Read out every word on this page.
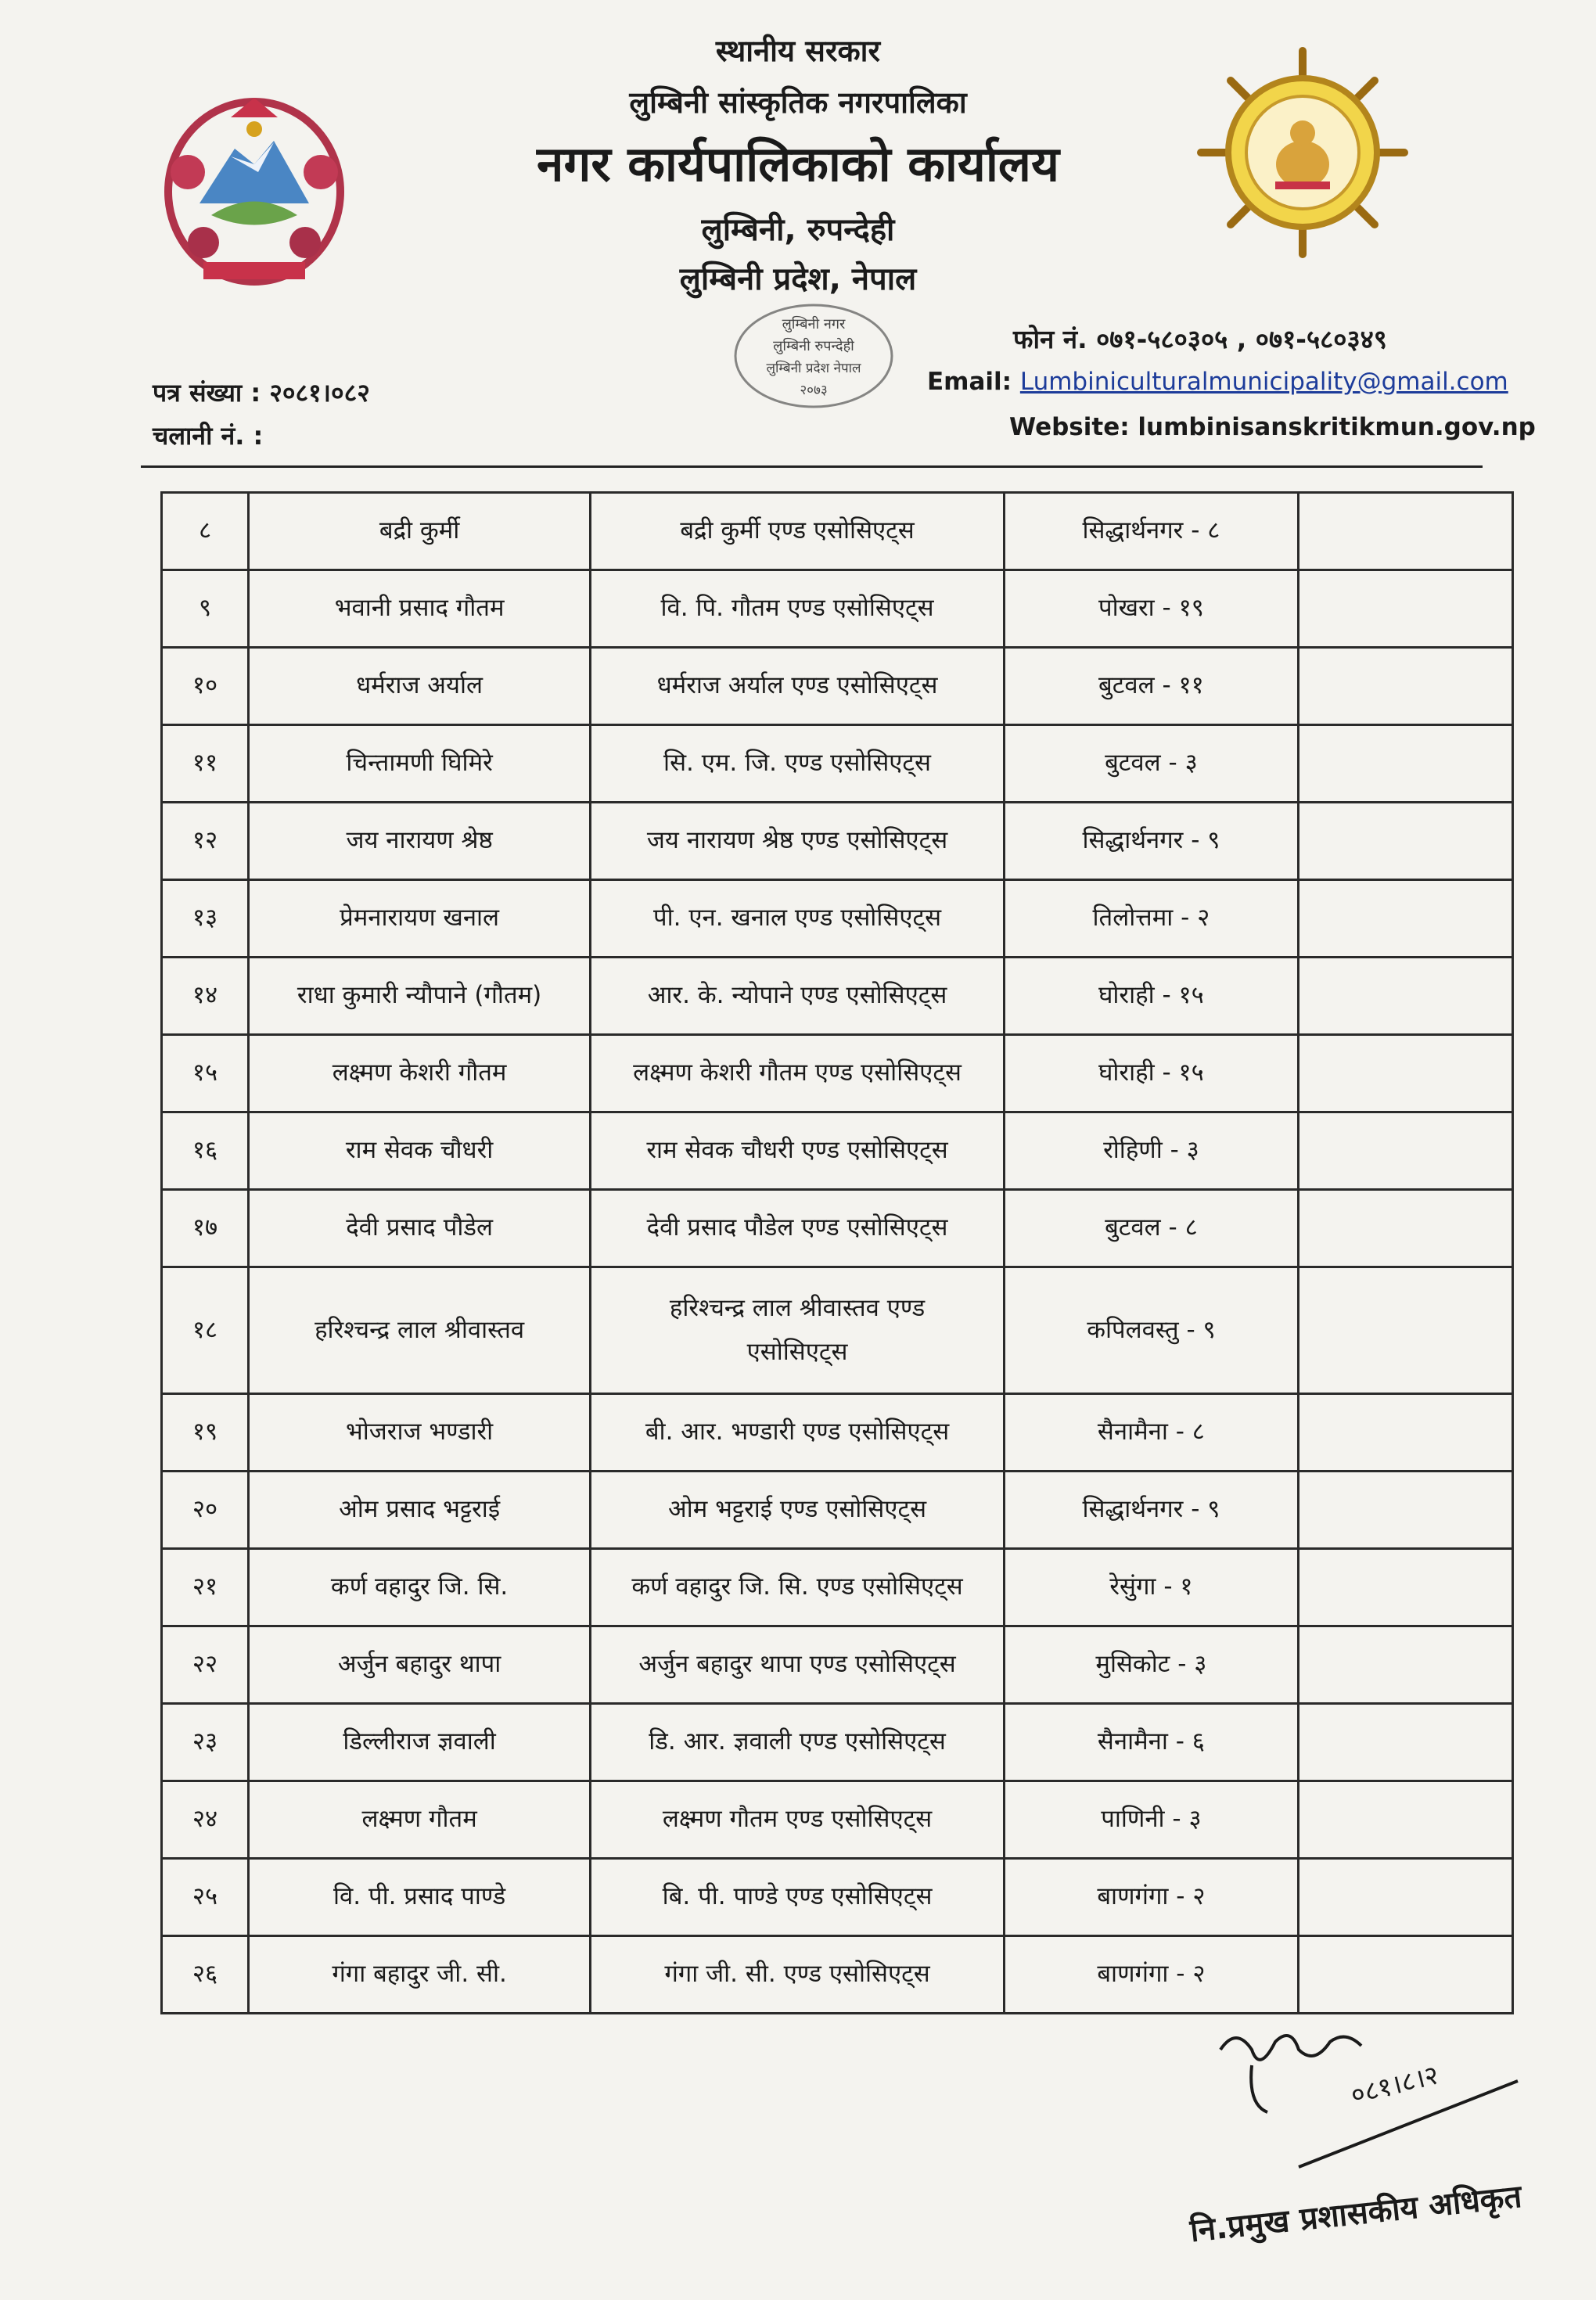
स्थानीय सरकार
लुम्बिनी सांस्कृतिक नगरपालिका
नगर कार्यपालिकाको कार्यालय
लुम्बिनी, रुपन्देही
लुम्बिनी प्रदेश, नेपाल
लुम्बिनी नगर
लुम्बिनी रुपन्देही
लुम्बिनी प्रदेश नेपाल
२०७३
पत्र संख्या : २०८१।०८२
चलानी नं. :
फोन नं. ०७१-५८०३०५ , ०७१-५८०३४९
Email: Lumbiniculturalmunicipality@gmail.com
Website: lumbinisanskritikmun.gov.np
८	बद्री कुर्मी	बद्री कुर्मी एण्ड एसोसिएट्स	सिद्धार्थनगर - ८	
९	भवानी प्रसाद गौतम	वि. पि. गौतम एण्ड एसोसिएट्स	पोखरा - १९	
१०	धर्मराज अर्याल	धर्मराज अर्याल एण्ड एसोसिएट्स	बुटवल - ११	
११	चिन्तामणी घिमिरे	सि. एम. जि. एण्ड एसोसिएट्स	बुटवल - ३	
१२	जय नारायण श्रेष्ठ	जय नारायण श्रेष्ठ एण्ड एसोसिएट्स	सिद्धार्थनगर - ९	
१३	प्रेमनारायण खनाल	पी. एन. खनाल एण्ड एसोसिएट्स	तिलोत्तमा - २	
१४	राधा कुमारी न्यौपाने (गौतम)	आर. के. न्योपाने एण्ड एसोसिएट्स	घोराही - १५	
१५	लक्ष्मण केशरी गौतम	लक्ष्मण केशरी गौतम एण्ड एसोसिएट्स	घोराही - १५	
१६	राम सेवक चौधरी	राम सेवक चौधरी एण्ड एसोसिएट्स	रोहिणी - ३	
१७	देवी प्रसाद पौडेल	देवी प्रसाद पौडेल एण्ड एसोसिएट्स	बुटवल - ८	
१८	हरिश्चन्द्र लाल श्रीवास्तव	हरिश्चन्द्र लाल श्रीवास्तव एण्ड
एसोसिएट्स	कपिलवस्तु - ९	
१९	भोजराज भण्डारी	बी. आर. भण्डारी एण्ड एसोसिएट्स	सैनामैना - ८	
२०	ओम प्रसाद भट्टराई	ओम भट्टराई एण्ड एसोसिएट्स	सिद्धार्थनगर - ९	
२१	कर्ण वहादुर जि. सि.	कर्ण वहादुर जि. सि. एण्ड एसोसिएट्स	रेसुंगा - १	
२२	अर्जुन बहादुर थापा	अर्जुन बहादुर थापा एण्ड एसोसिएट्स	मुसिकोट - ३	
२३	डिल्लीराज ज्ञवाली	डि. आर. ज्ञवाली एण्ड एसोसिएट्स	सैनामैना - ६	
२४	लक्ष्मण गौतम	लक्ष्मण गौतम एण्ड एसोसिएट्स	पाणिनी - ३	
२५	वि. पी. प्रसाद पाण्डे	बि. पी. पाण्डे एण्ड एसोसिएट्स	बाणगंगा - २	
२६	गंगा बहादुर जी. सी.	गंगा जी. सी. एण्ड एसोसिएट्स	बाणगंगा - २	
०८१।८।२
नि.प्रमुख प्रशासकीय अधिकृत
